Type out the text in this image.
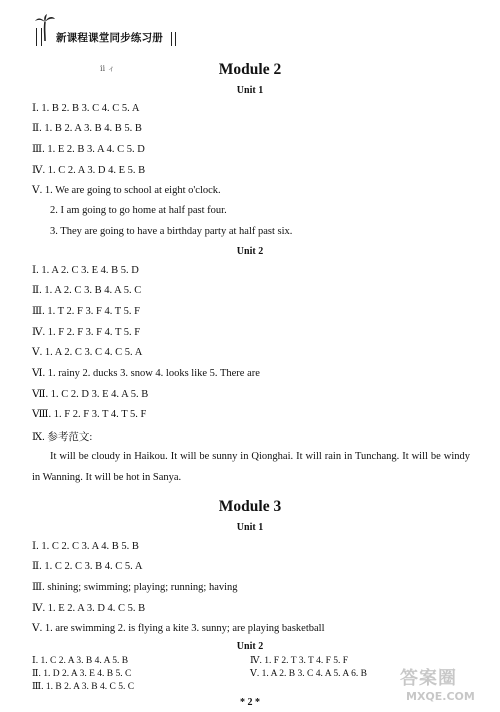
新课程课堂同步练习册
ⅱ ィ	Module 2
Unit 1
Ⅰ. 1. B 2. B 3. C 4. C 5. A
Ⅱ. 1. B 2. A 3. B 4. B 5. B
Ⅲ. 1. E 2. B 3. A 4. C 5. D
Ⅳ. 1. C 2. A 3. D 4. E 5. B
Ⅴ. 1. We are going to school at eight o'clock.
2. I am going to go home at half past four.
3. They are going to have a birthday party at half past six.
Unit 2
Ⅰ. 1. A 2. C 3. E 4. B 5. D
Ⅱ. 1. A 2. C 3. B 4. A 5. C
Ⅲ. 1. T 2. F 3. F 4. T 5. F
Ⅳ. 1. F 2. F 3. F 4. T 5. F
Ⅴ. 1. A 2. C 3. C 4. C 5. A
Ⅵ. 1. rainy 2. ducks 3. snow 4. looks like 5. There are
Ⅶ. 1. C 2. D 3. E 4. A 5. B
Ⅷ. 1. F 2. F 3. T 4. T 5. F
Ⅸ. 参考范文:
It will be cloudy in Haikou. It will be sunny in Qionghai. It will rain in Tunchang. It will be windy in Wanning. It will be hot in Sanya.
Module 3
Unit 1
Ⅰ. 1. C 2. C 3. A 4. B 5. B
Ⅱ. 1. C 2. C 3. B 4. C 5. A
Ⅲ. shining; swimming; playing; running; having
Ⅳ. 1. E 2. A 3. D 4. C 5. B
Ⅴ. 1. are swimming 2. is flying a kite 3. sunny; are playing basketball
Unit 2
* 2 *
答案圈
MXQE.COM
Ⅰ. 1. C 2. A 3. B 4. A 5. B
Ⅱ. 1. D 2. A 3. E 4. B 5. C
Ⅲ. 1. B 2. A 3. B 4. C 5. C
Ⅳ. 1. F 2. T 3. T 4. F 5. F
Ⅴ. 1. A 2. B 3. C 4. A 5. A 6. B
